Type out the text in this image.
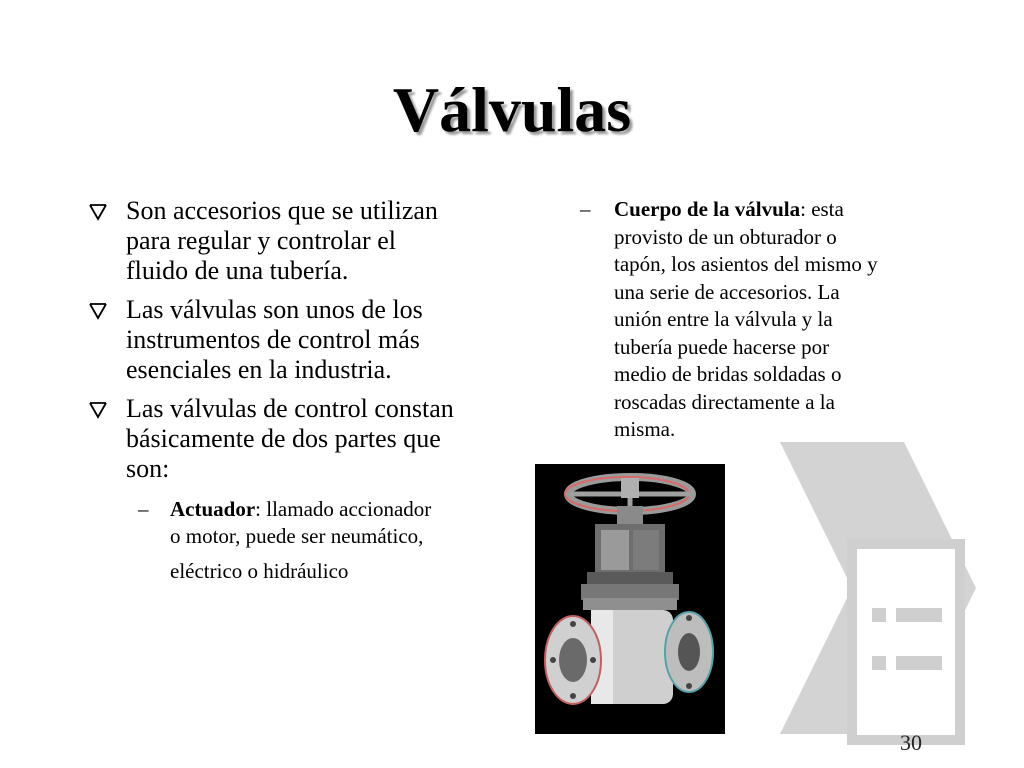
Válvulas
Son accesorios que se utilizan
para regular y controlar el
fluido de una tubería.
Las válvulas son unos de los
instrumentos de control más
esenciales en la industria.
Las válvulas de control constan
básicamente de dos partes que
son:
– Actuador: llamado accionador
o motor, puede ser neumático,
eléctrico o hidráulico
– Cuerpo de la válvula: esta
provisto de un obturador o
tapón, los asientos del mismo y
una serie de accesorios. La
unión entre la válvula y la
tubería puede hacerse por
medio de bridas soldadas o
roscadas directamente a la
misma.
30
